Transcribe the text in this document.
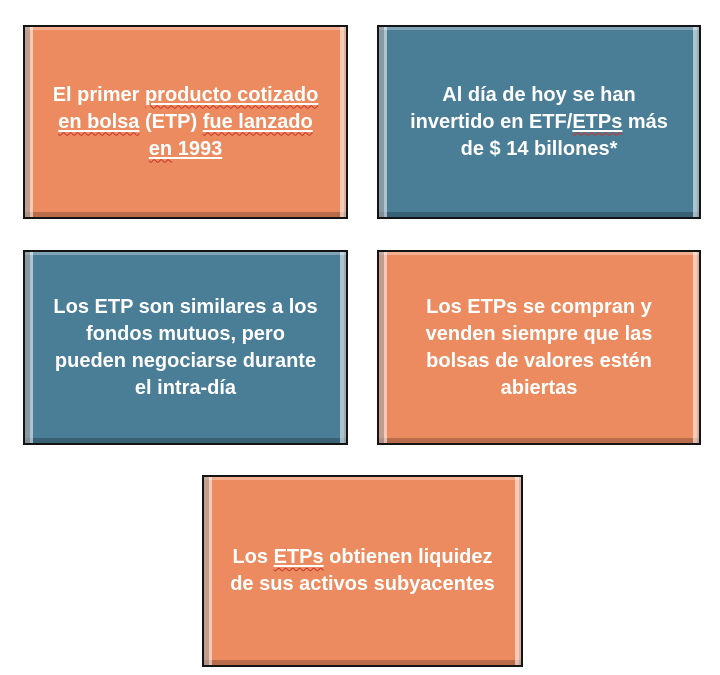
El primer producto cotizado
en bolsa (ETP) fue lanzado
en 1993
Al día de hoy se han
invertido en ETF/ETPs más
de $ 14 billones*
Los ETP son similares a los
fondos mutuos, pero
pueden negociarse durante
el intra-día
Los ETPs se compran y
venden siempre que las
bolsas de valores estén
abiertas
Los ETPs obtienen liquidez
de sus activos subyacentes
